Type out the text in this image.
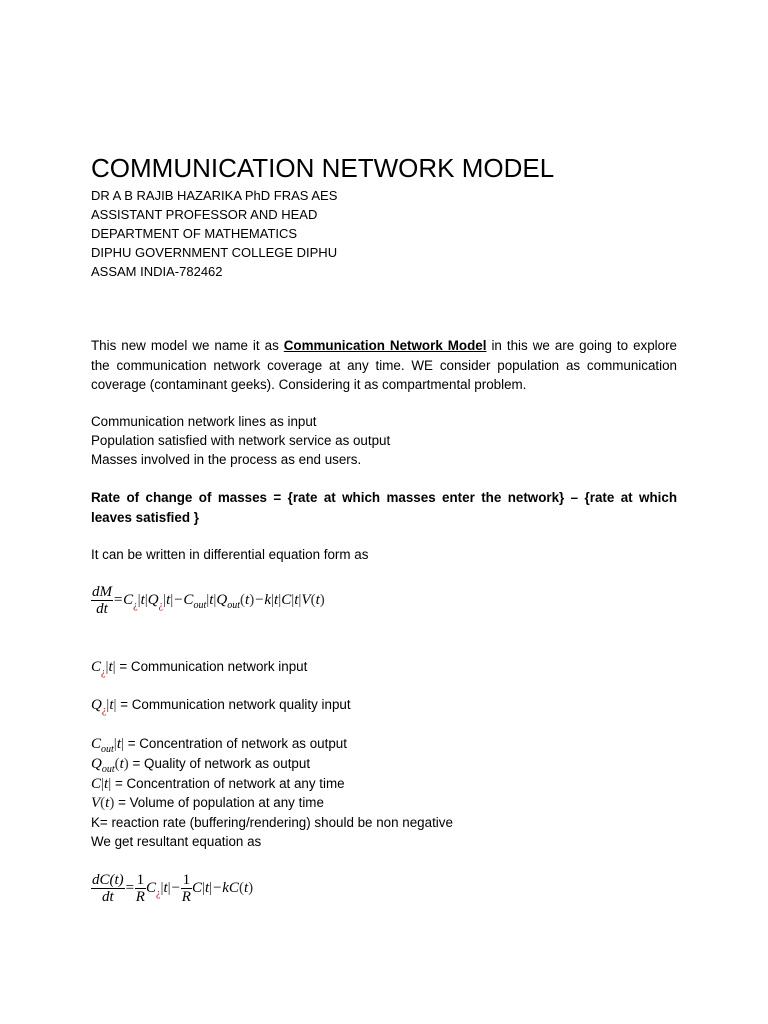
COMMUNICATION NETWORK MODEL
DR A B RAJIB HAZARIKA PhD FRAS AES
ASSISTANT PROFESSOR AND HEAD
DEPARTMENT OF MATHEMATICS
DIPHU GOVERNMENT COLLEGE DIPHU
ASSAM INDIA-782462
This new model we name it as Communication Network Model in this we are going to explore the communication network coverage at any time. WE consider population as communication coverage (contaminant geeks). Considering it as compartmental problem.
Communication network lines as input
Population satisfied with network service as output
Masses involved in the process as end users.
Rate of change of masses = {rate at which masses enter the network} – {rate at which leaves satisfied }
It can be written in differential equation form as
$\frac{dM}{dt} =C_¿|t|Q_¿|t|-C_{out}|t|Q_{out}(t)-k|t|C|t|V(t)$
$C_¿|t|$ = Communication network input
$Q_¿|t|$ = Communication network quality input
$C_{out}|t|$ = Concentration of network as output
$Q_{out}(t)$ = Quality of network as output
C|t| = Concentration of network at any time
V(t) = Volume of population at any time
K= reaction rate (buffering/rendering) should be non negative
We get resultant equation as
$\frac{dC(t)}{dt} = \frac{1}{R} C_¿|t|- \frac{1}{R} C|t|-kC(t)$
